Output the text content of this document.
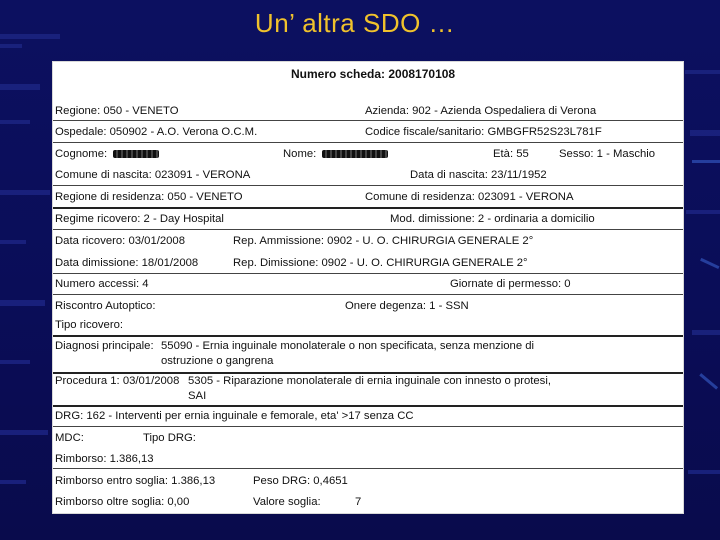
Un’ altra SDO …
Numero scheda: 2008170108
Regione: 050 - VENETO	Azienda: 902 - Azienda Ospedaliera di Verona
Ospedale: 050902 - A.O. Verona O.C.M.	Codice fiscale/sanitario: GMBGFR52S23L781F
Cognome:	Nome:	Età: 55	Sesso: 1 - Maschio
Comune di nascita: 023091 - VERONA	Data di nascita: 23/11/1952
Regione di residenza: 050 - VENETO	Comune di residenza: 023091 - VERONA
Regime ricovero: 2 - Day Hospital	Mod. dimissione: 2 - ordinaria a domicilio
Data ricovero: 03/01/2008	Rep. Ammissione: 0902 - U. O. CHIRURGIA GENERALE 2°
Data dimissione: 18/01/2008	Rep. Dimissione: 0902 - U. O. CHIRURGIA GENERALE 2°
Numero accessi: 4	Giornate di permesso: 0
Riscontro Autoptico:	Onere degenza: 1 - SSN
Tipo ricovero:
Diagnosi principale: 55090 - Ernia inguinale monolaterale o non specificata, senza menzione di
ostruzione o gangrena
Procedura 1: 03/01/2008 5305 - Riparazione monolaterale di ernia inguinale con innesto o protesi,
SAI
DRG: 162 - Interventi per ernia inguinale e femorale, eta' >17 senza CC
MDC:	Tipo DRG:
Rimborso: 1.386,13
Rimborso entro soglia: 1.386,13	Peso DRG: 0,4651
Rimborso oltre soglia: 0,00	Valore soglia:	7
